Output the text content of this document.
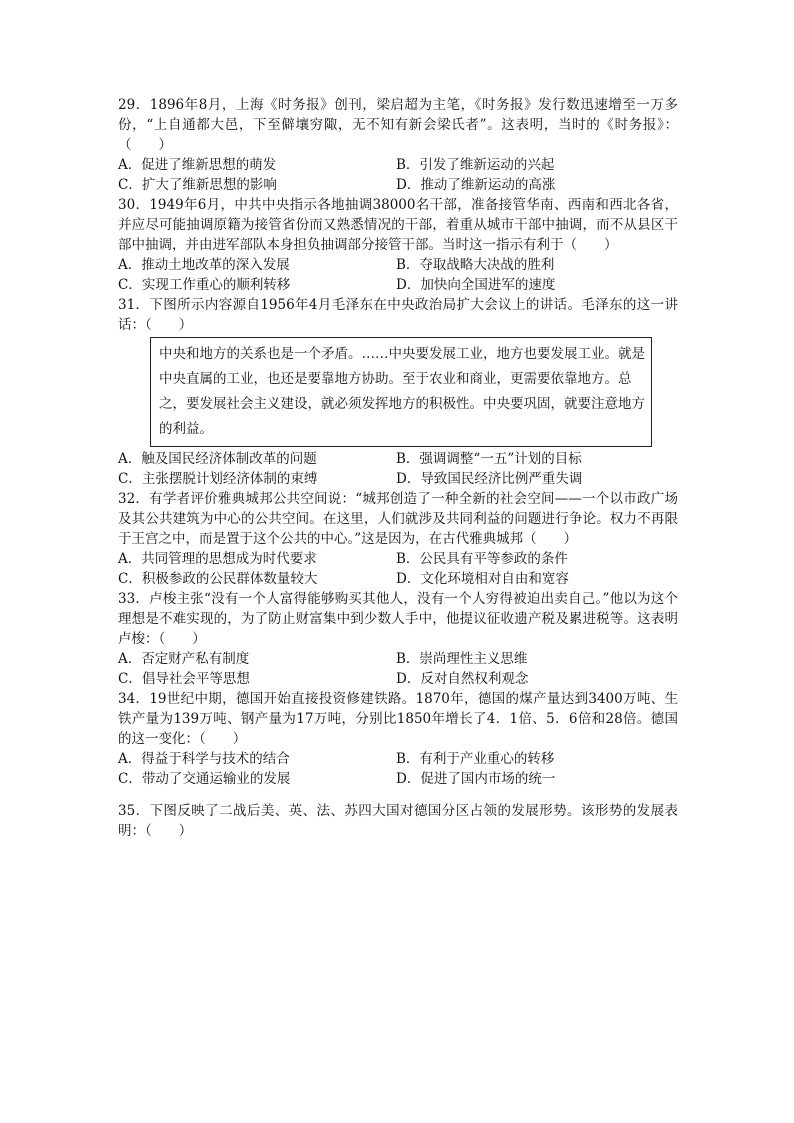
29．1896年8月，上海《时务报》创刊，梁启超为主笔，《时务报》发行数迅速增至一万多份，“上自通都大邑，下至僻壤穷陬，无不知有新会梁氏者”。这表明，当时的《时务报》：（　　）

A．促进了维新思想的萌发	B．引发了维新运动的兴起
C．扩大了维新思想的影响	D．推动了维新运动的高涨

30．1949年6月，中共中央指示各地抽调38000名干部，准备接管华南、西南和西北各省，并应尽可能抽调原籍为接管省份而又熟悉情况的干部，着重从城市干部中抽调，而不从县区干部中抽调，并由进军部队本身担负抽调部分接管干部。当时这一指示有利于（　　）

A．推动土地改革的深入发展	B．夺取战略大决战的胜利
C．实现工作重心的顺利转移	D．加快向全国进军的速度

31．下图所示内容源自1956年4月毛泽东在中央政治局扩大会议上的讲话。毛泽东的这一讲话：（　　）

中央和地方的关系也是一个矛盾。……中央要发展工业，地方也要发展工业。就是中央直属的工业，也还是要靠地方协助。至于农业和商业，更需要依靠地方。总之，要发展社会主义建设，就必须发挥地方的积极性。中央要巩固，就要注意地方的利益。
A．触及国民经济体制改革的问题	B．强调调整“一五”计划的目标
C．主张摆脱计划经济体制的束缚	D．导致国民经济比例严重失调

32．有学者评价雅典城邦公共空间说：“城邦创造了一种全新的社会空间——一个以市政广场及其公共建筑为中心的公共空间。在这里，人们就涉及共同利益的问题进行争论。权力不再限于王宫之中，而是置于这个公共的中心。”这是因为，在古代雅典城邦（　　）

A．共同管理的思想成为时代要求	B．公民具有平等参政的条件
C．积极参政的公民群体数量较大	D．文化环境相对自由和宽容

33．卢梭主张“没有一个人富得能够购买其他人，没有一个人穷得被迫出卖自己。”他以为这个理想是不难实现的，为了防止财富集中到少数人手中，他提议征收遗产税及累进税等。这表明卢梭：（　　）

A．否定财产私有制度	B．崇尚理性主义思维
C．倡导社会平等思想	D．反对自然权利观念

34．19世纪中期，德国开始直接投资修建铁路。1870年，德国的煤产量达到3400万吨、生铁产量为139万吨、钢产量为17万吨，分别比1850年增长了4．1倍、5．6倍和28倍。德国的这一变化：（　　）

A．得益于科学与技术的结合	B．有利于产业重心的转移
C．带动了交通运输业的发展	D．促进了国内市场的统一

35．下图反映了二战后美、英、法、苏四大国对德国分区占领的发展形势。该形势的发展表明：（　　）
